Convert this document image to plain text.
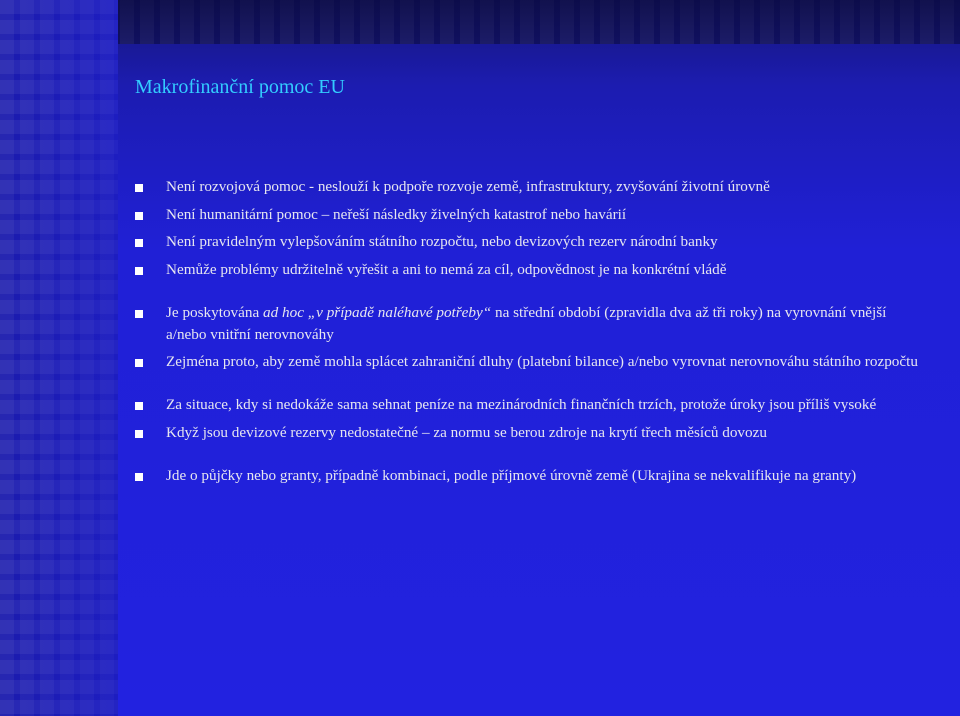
Makrofinanční pomoc EU
Není rozvojová pomoc - neslouží k podpoře rozvoje země, infrastruktury, zvyšování životní úrovně
Není humanitární pomoc – neřeší následky živelných katastrof nebo havárií
Není pravidelným vylepšováním státního rozpočtu, nebo devizových rezerv národní banky
Nemůže problémy udržitelně vyřešit a ani to nemá za cíl, odpovědnost je na konkrétní vládě
Je poskytována ad hoc „v případě naléhavé potřeby“ na střední období (zpravidla dva až tři roky) na vyrovnání vnější a/nebo vnitřní nerovnováhy
Zejména proto, aby země mohla splácet zahraniční dluhy (platební bilance) a/nebo vyrovnat nerovnováhu státního rozpočtu
Za situace, kdy si nedokáže sama sehnat peníze na mezinárodních finančních trzích, protože úroky jsou příliš vysoké
Když jsou devizové rezervy nedostatečné – za normu se berou zdroje na krytí třech měsíců dovozu
Jde o půjčky nebo granty, případně kombinaci, podle příjmové úrovně země (Ukrajina se nekvalifikuje na granty)
